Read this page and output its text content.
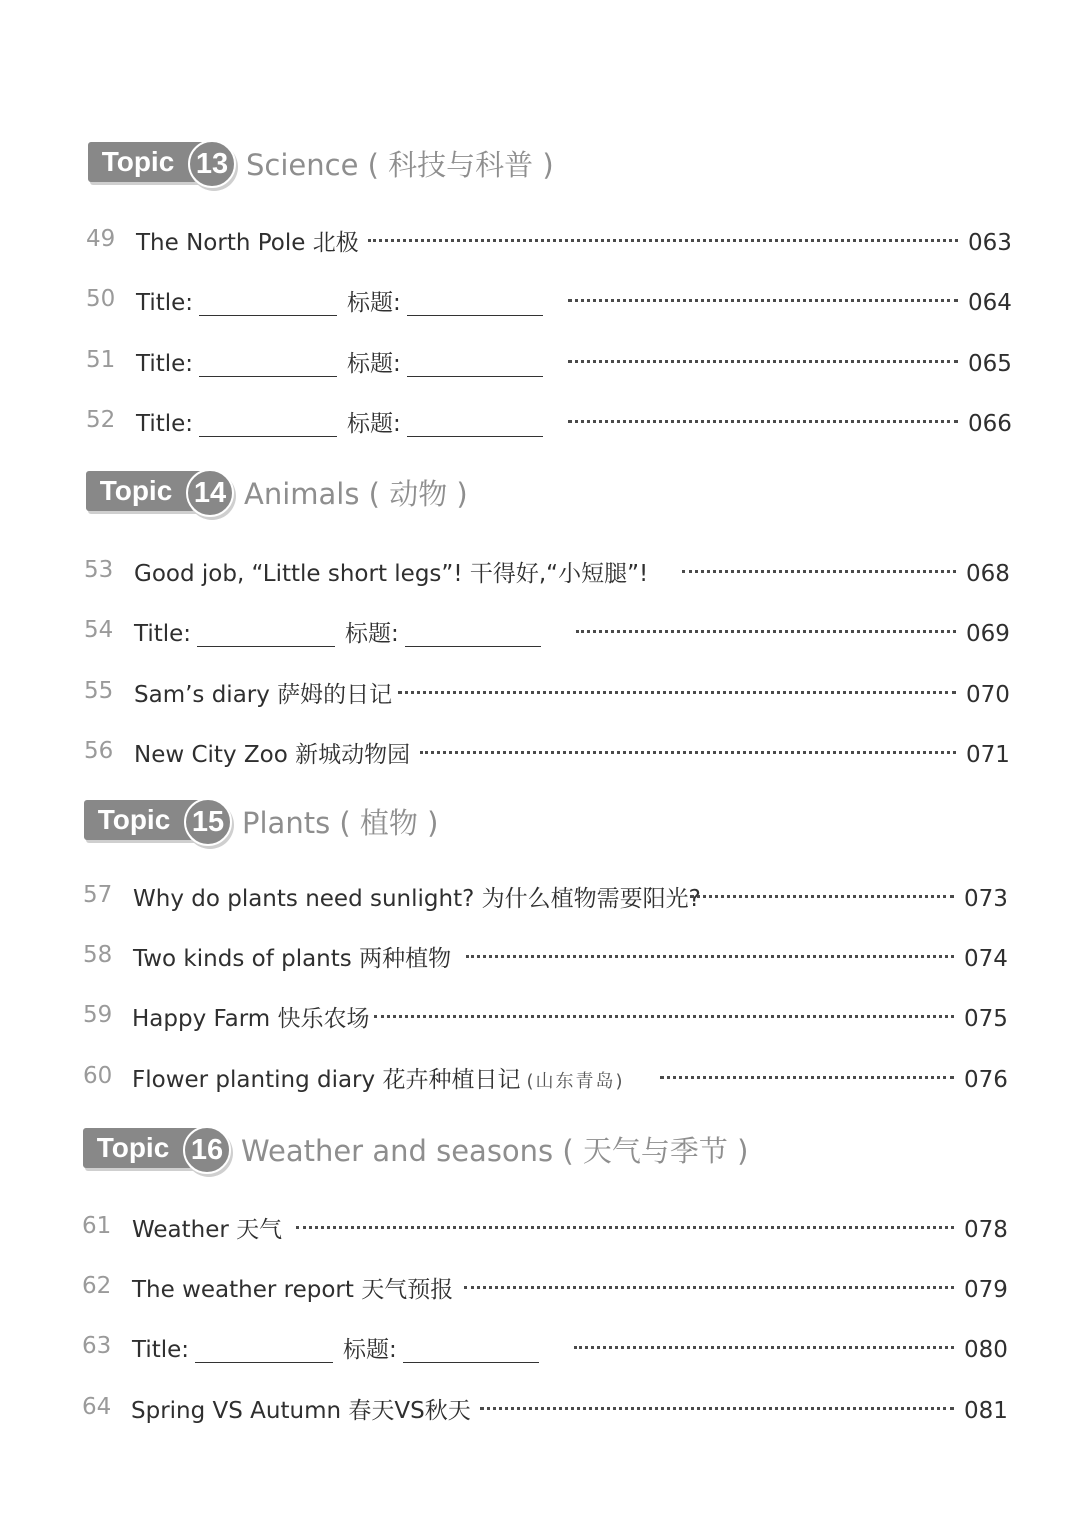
Topic 13 Science ( 科技与科普 )
49 The North Pole 北极	063
50 Title:	标题:	064
51 Title:	标题:	065
52 Title:	标题:	066
Topic 14 Animals ( 动物 )
53 Good job, “Little short legs”! 干得好,“小短腿”!	068
54 Title:	标题:	069
55 Sam’s diary 萨姆的日记	070
56 New City Zoo 新城动物园	071
Topic 15 Plants ( 植物 )
57 Why do plants need sunlight? 为什么植物需要阳光?	073
58 Two kinds of plants 两种植物	074
59 Happy Farm 快乐农场	075
60 Flower planting diary 花卉种植日记 (山东青岛)	076
Topic 16 Weather and seasons ( 天气与季节 )
61 Weather 天气	078
62 The weather report 天气预报	079
63 Title:	标题:	080
64 Spring VS Autumn 春天VS秋天	081
